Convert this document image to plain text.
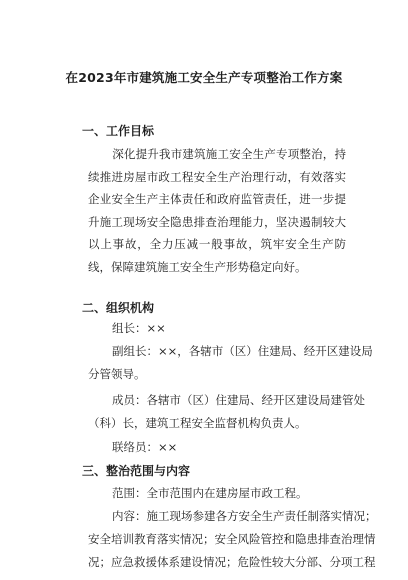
在2023年市建筑施工安全生产专项整治工作方案
一、工作目标

深化提升我市建筑施工安全生产专项整治，持续推进房屋市政工程安全生产治理行动，有效落实企业安全生产主体责任和政府监管责任，进一步提升施工现场安全隐患排查治理能力，坚决遏制较大以上事故，全力压减一般事故，筑牢安全生产防线，保障建筑施工安全生产形势稳定向好。

二、组织机构

组长：××

副组长：××，各辖市（区）住建局、经开区建设局

分管领导。

成员：各辖市（区）住建局、经开区建设局建管处

（科）长，建筑工程安全监督机构负责人。

联络员：××

三、整治范围与内容

范围：全市范围内在建房屋市政工程。

内容：施工现场参建各方安全生产责任制落实情况；

安全培训教育落实情况；安全风险管控和隐患排查治理情

况；应急救援体系建设情况；危险性较大分部、分项工程
